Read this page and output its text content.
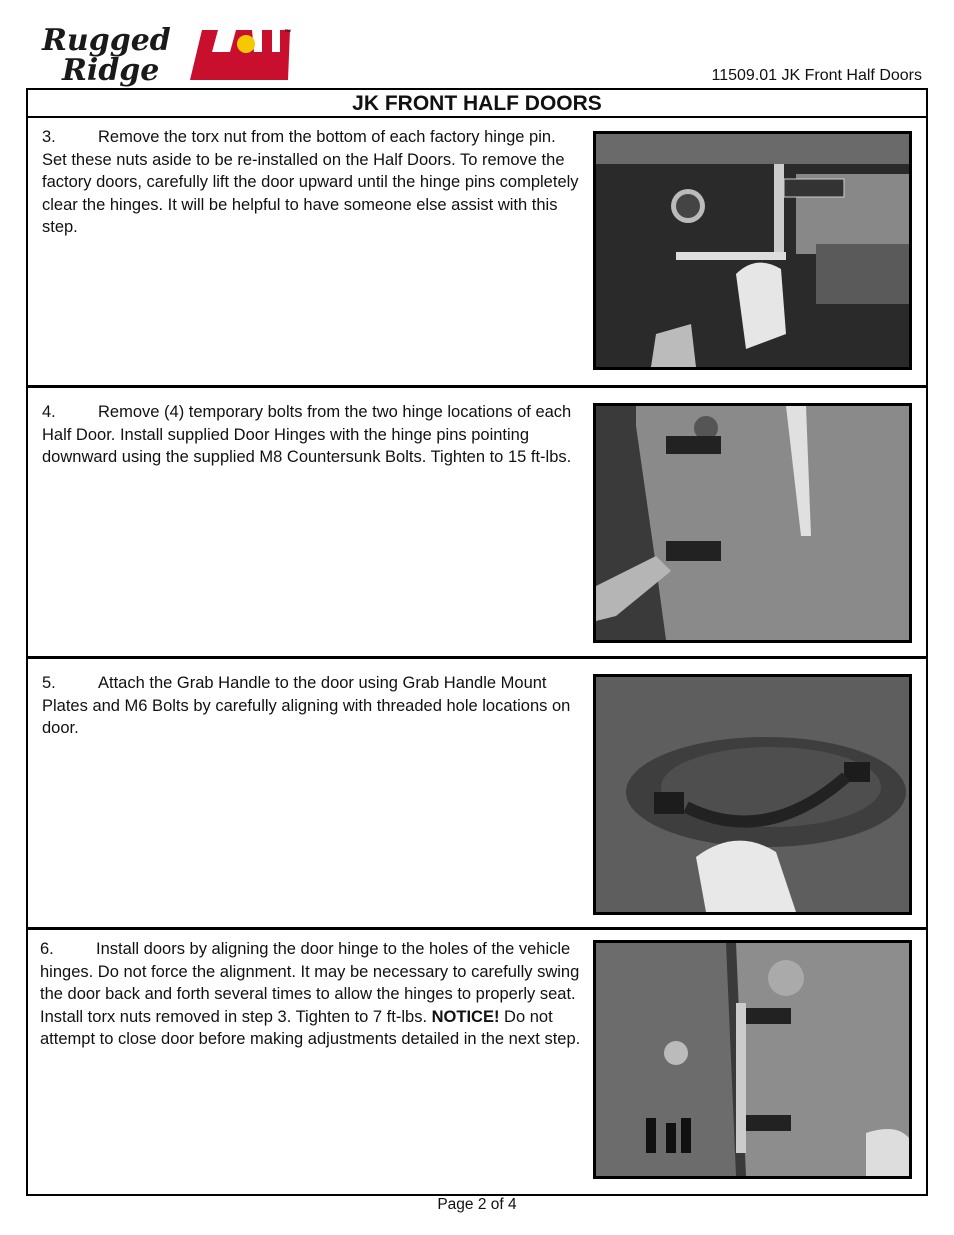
Rugged
Ridge
™
11509.01 JK Front Half Doors
JK FRONT HALF DOORS
3.	Remove the torx nut from the bottom of each factory hinge pin. Set these nuts aside to be re-installed on the Half Doors. To remove the factory doors, carefully lift the door upward until the hinge pins completely clear the hinges. It will be helpful to have someone else assist with this step.
4.	Remove (4) temporary bolts from the two hinge locations of each Half Door. Install supplied Door Hinges with the hinge pins pointing downward using the supplied M8 Countersunk Bolts. Tighten to 15 ft-lbs.
5.	Attach the Grab Handle to the door using Grab Handle Mount Plates and M6 Bolts by carefully aligning with threaded hole locations on door.
6.	Install doors by aligning the door hinge to the holes of the vehicle hinges. Do not force the alignment. It may be necessary to carefully swing the door back and forth several times to allow the hinges to properly seat. Install torx nuts removed in step 3. Tighten to 7 ft-lbs. NOTICE! Do not attempt to close door before making adjustments detailed in the next step.
Page 2 of 4
